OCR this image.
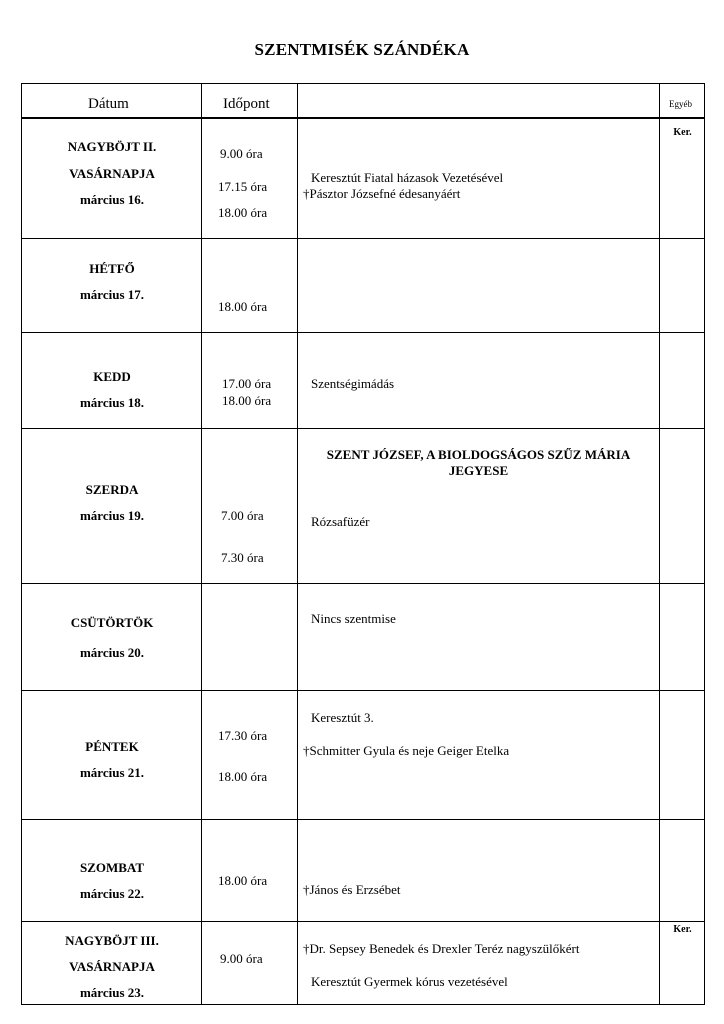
SZENTMISÉK SZÁNDÉKA
Dátum	Időpont	Egyéb
NAGYBÖJT II.
VASÁRNAPJA
március 16.
9.00 óra
17.15 óra
18.00 óra
Keresztút Fiatal házasok Vezetésével
†Pásztor Józsefné édesanyáért
Ker.
HÉTFŐ
március 17.
18.00 óra
KEDD
március 18.
17.00 óra
18.00 óra
Szentségimádás
SZERDA
március 19.
SZENT JÓZSEF, A BIOLDOGSÁGOS SZŰZ MÁRIA JEGYESE
7.00 óra
7.30 óra
Rózsafüzér
CSÜTÖRTÖK
március 20.
Nincs szentmise
PÉNTEK
március 21.
17.30 óra
18.00 óra
Keresztút 3.
†Schmitter Gyula és neje Geiger Etelka
SZOMBAT
március 22.
18.00 óra
†János és Erzsébet
NAGYBÖJT III.
VASÁRNAPJA
március 23.
9.00 óra
†Dr. Sepsey Benedek és Drexler Teréz nagyszülőkért
Keresztút Gyermek kórus vezetésével
Ker.
